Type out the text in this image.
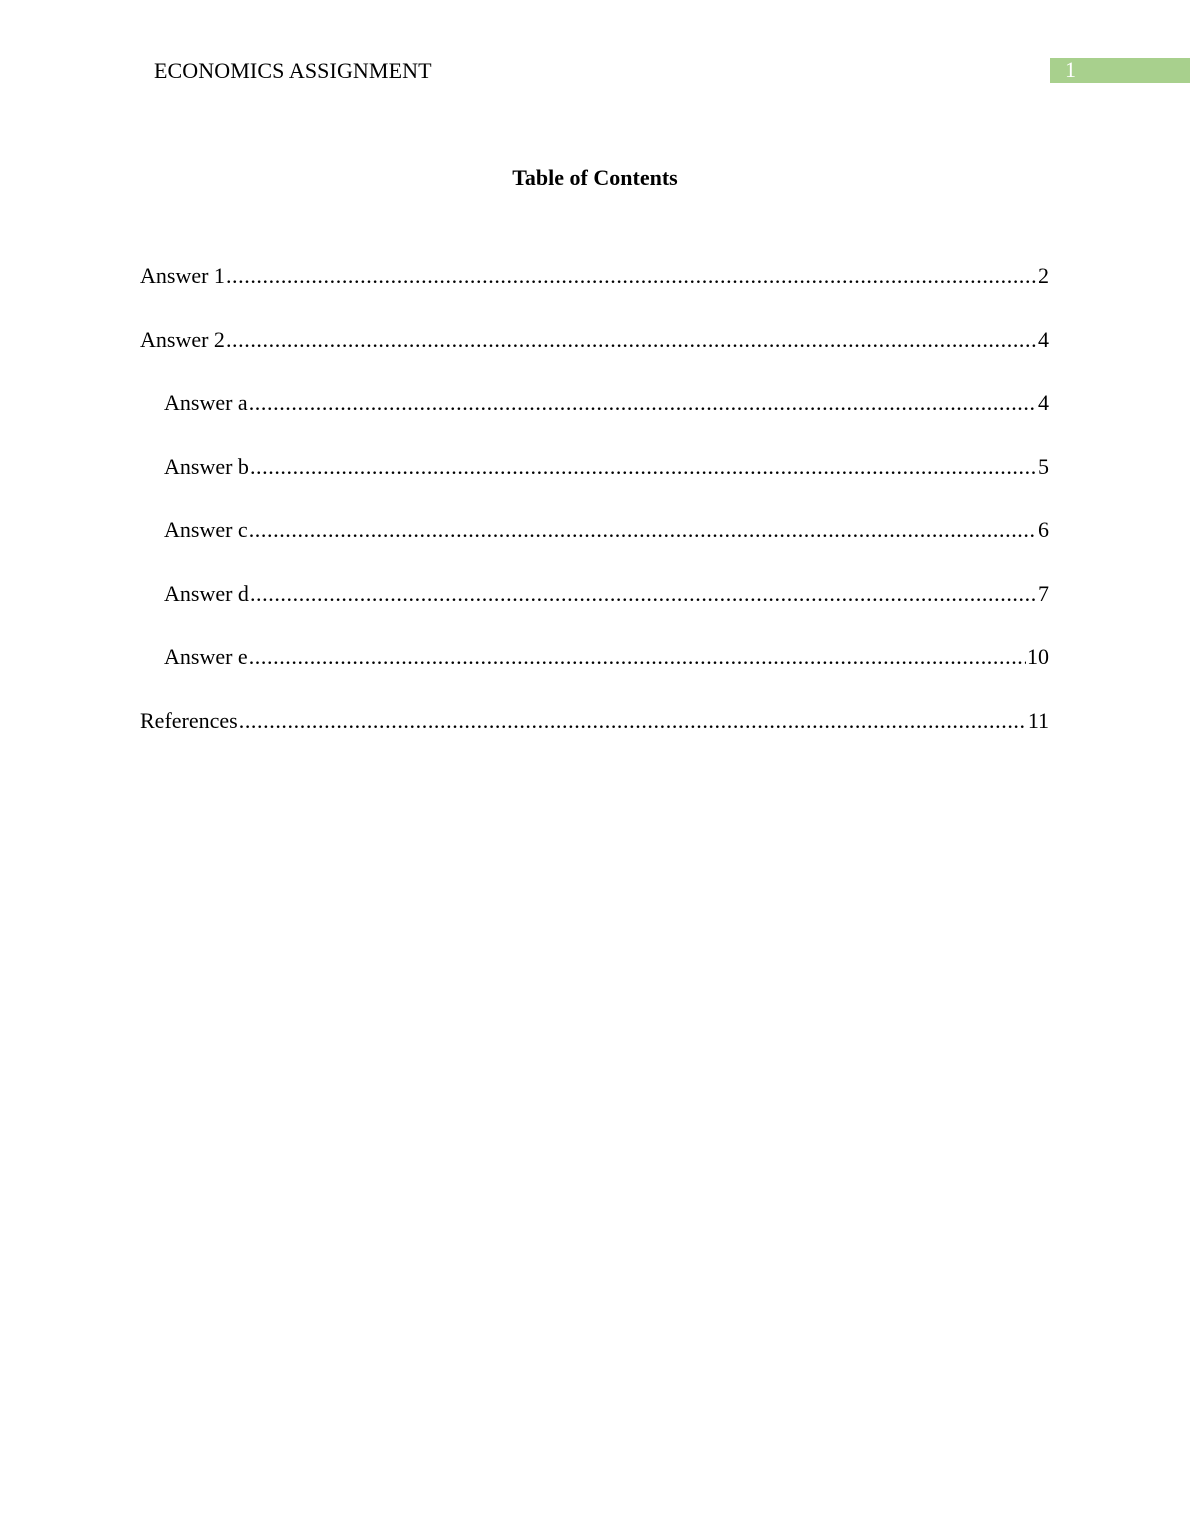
ECONOMICS ASSIGNMENT	1
Table of Contents
Answer 1 .....	2
Answer 2 .....	4
Answer a .....	4
Answer b .....	5
Answer c .....	6
Answer d .....	7
Answer e .....	10
References .....	11
